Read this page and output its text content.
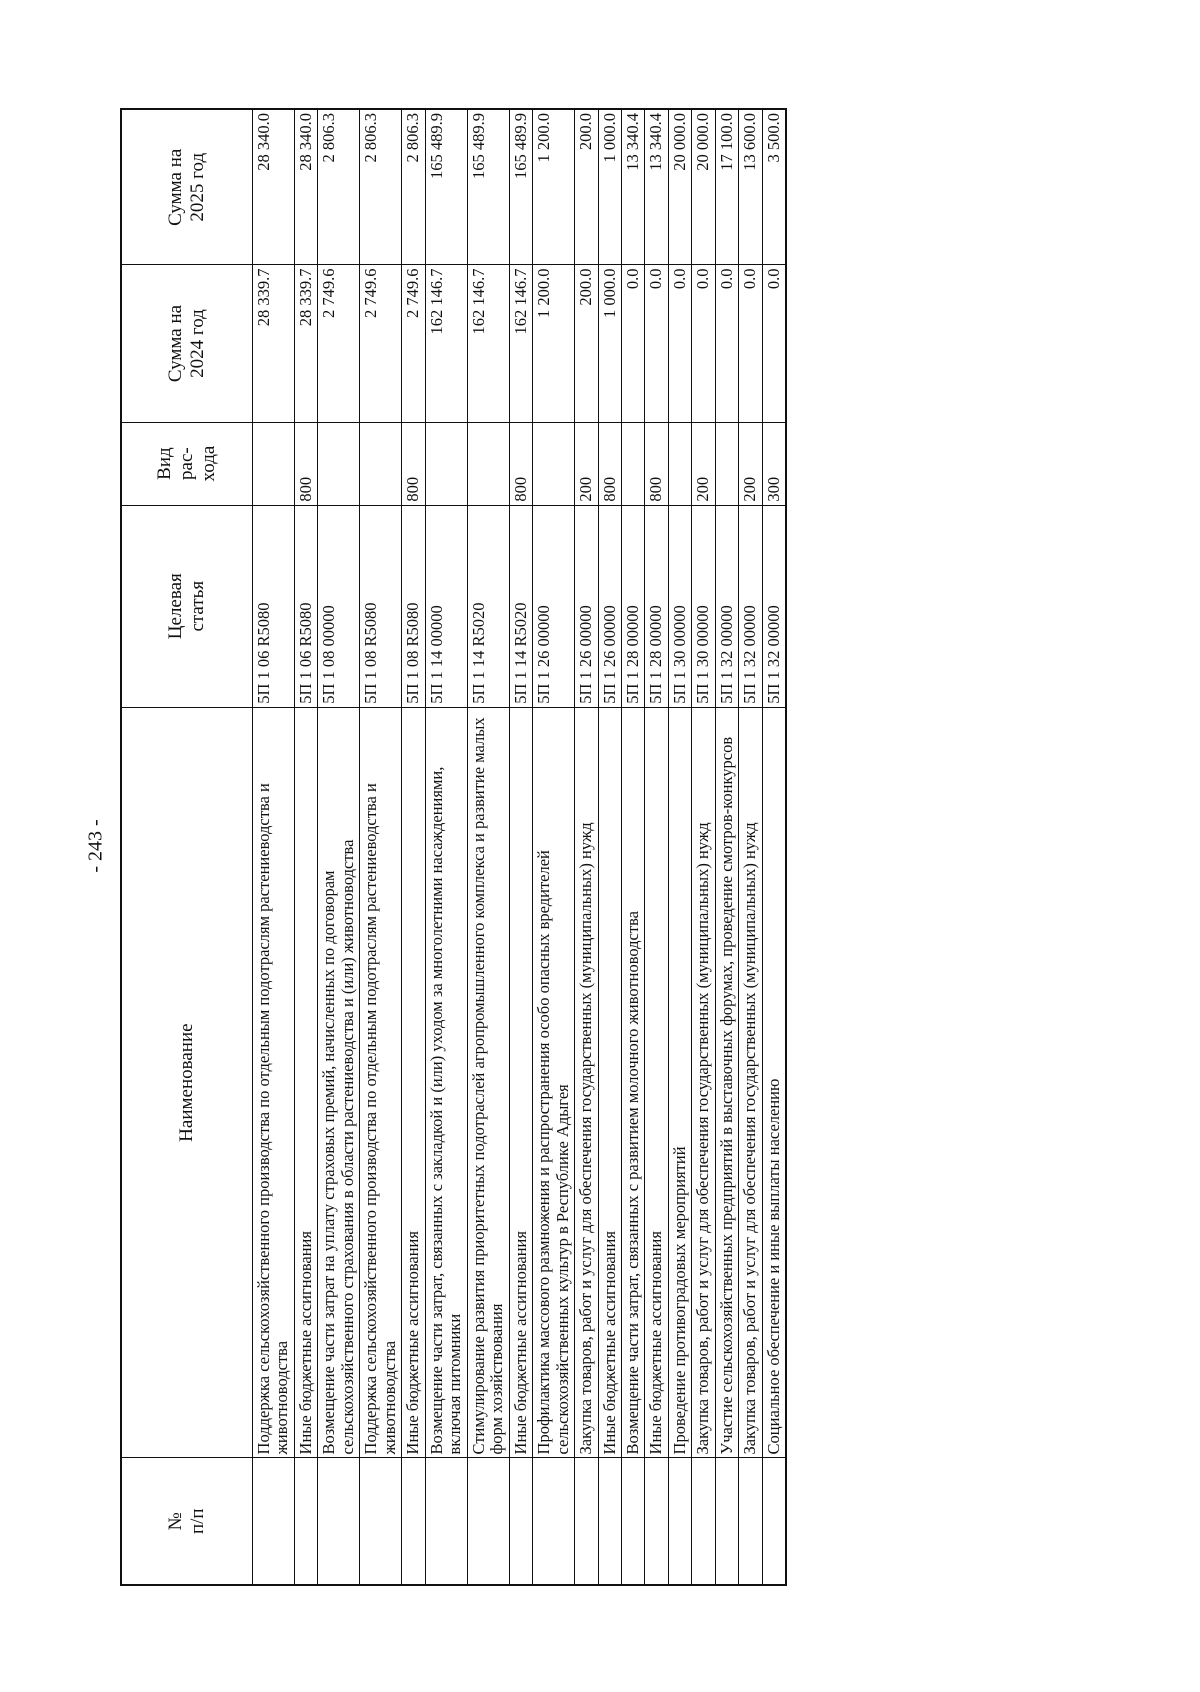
- 243 -
№ п/п	Наименование	Целевая статья	Вид рас- хода	Сумма на 2024 год	Сумма на 2025 год

	Поддержка сельскохозяйственного производства по отдельным подотраслям растениеводства и животноводства	5П 1 06 R5080		28 339.7	28 340.0
	Иные бюджетные ассигнования	5П 1 06 R5080	800	28 339.7	28 340.0
	Возмещение части затрат на уплату страховых премий, начисленных по договорам сельскохозяйственного страхования в области растениеводства и (или) животноводства	5П 1 08 00000		2 749.6	2 806.3
	Поддержка сельскохозяйственного производства по отдельным подотраслям растениеводства и животноводства	5П 1 08 R5080		2 749.6	2 806.3
	Иные бюджетные ассигнования	5П 1 08 R5080	800	2 749.6	2 806.3
	Возмещение части затрат, связанных с закладкой и (или) уходом за многолетними насаждениями, включая питомники	5П 1 14 00000		162 146.7	165 489.9
	Стимулирование развития приоритетных подотраслей агропромышленного комплекса и развитие малых форм хозяйствования	5П 1 14 R5020		162 146.7	165 489.9
	Иные бюджетные ассигнования	5П 1 14 R5020	800	162 146.7	165 489.9
	Профилактика массового размножения и распространения особо опасных вредителей сельскохозяйственных культур в Республике Адыгея	5П 1 26 00000		1 200.0	1 200.0
	Закупка товаров, работ и услуг для обеспечения государственных (муниципальных) нужд	5П 1 26 00000	200	200.0	200.0
	Иные бюджетные ассигнования	5П 1 26 00000	800	1 000.0	1 000.0
	Возмещение части затрат, связанных с развитием молочного животноводства	5П 1 28 00000		0.0	13 340.4
	Иные бюджетные ассигнования	5П 1 28 00000	800	0.0	13 340.4
	Проведение противоградовых мероприятий	5П 1 30 00000		0.0	20 000.0
	Закупка товаров, работ и услуг для обеспечения государственных (муниципальных) нужд	5П 1 30 00000	200	0.0	20 000.0
	Участие сельскохозяйственных предприятий в выставочных форумах, проведение смотров-конкурсов	5П 1 32 00000		0.0	17 100.0
	Закупка товаров, работ и услуг для обеспечения государственных (муниципальных) нужд	5П 1 32 00000	200	0.0	13 600.0
	Социальное обеспечение и иные выплаты населению	5П 1 32 00000	300	0.0	3 500.0
